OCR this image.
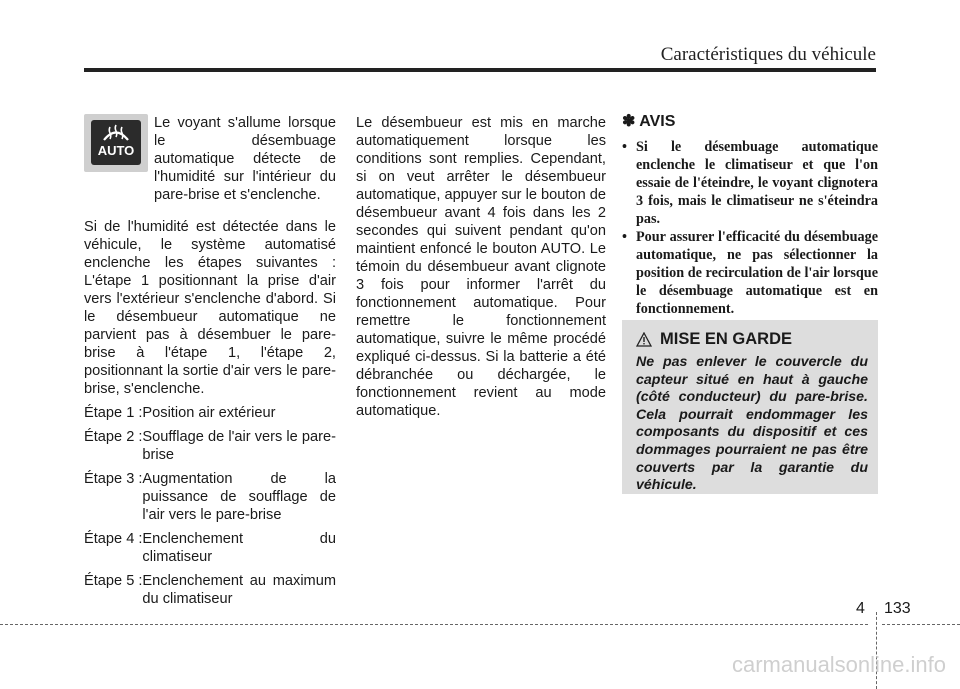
Caractéristiques du véhicule
AUTO

Le voyant s'allume lorsque le désembuage automatique détecte de l'humidité sur l'intérieur du pare-brise et s'enclenche.

Si de l'humidité est détectée dans le véhicule, le système automatisé enclenche les étapes suivantes : L'étape 1 positionnant la prise d'air vers l'extérieur s'enclenche d'abord. Si le désembueur automatique ne parvient pas à désembuer le pare-brise à l'étape 1, l'étape 2, positionnant la sortie d'air vers le pare-brise, s'enclenche.

Étape 1 : Position air extérieur
Étape 2 : Soufflage de l'air vers le pare-brise
Étape 3 : Augmentation de la puissance de soufflage de l'air vers le pare-brise
Étape 4 : Enclenchement du climatiseur
Étape 5 : Enclenchement au maximum du climatiseur

Le désembueur est mis en marche automatiquement lorsque les conditions sont remplies. Cependant, si on veut arrêter le désembueur automatique, appuyer sur le bouton de désembueur avant 4 fois dans les 2 secondes qui suivent pendant qu'on maintient enfoncé le bouton AUTO. Le témoin du désembueur avant clignote 3 fois pour informer l'arrêt du fonctionnement automatique. Pour remettre le fonctionnement automatique, suivre le même procédé expliqué ci-dessus. Si la batterie a été débranchée ou déchargée, le fonctionnement revient au mode automatique.

✽ AVIS
• Si le désembuage automatique enclenche le climatiseur et que l'on essaie de l'éteindre, le voyant clignotera 3 fois, mais le climatiseur ne s'éteindra pas.
• Pour assurer l'efficacité du désembuage automatique, ne pas sélectionner la position de recirculation de l'air lorsque le désembuage automatique est en fonctionnement.
MISE EN GARDE
Ne pas enlever le couvercle du capteur situé en haut à gauche (côté conducteur) du pare-brise. Cela pourrait endommager les composants du dispositif et ces dommages pourraient ne pas être couverts par la garantie du véhicule.
4 133
carmanualsonline.info
